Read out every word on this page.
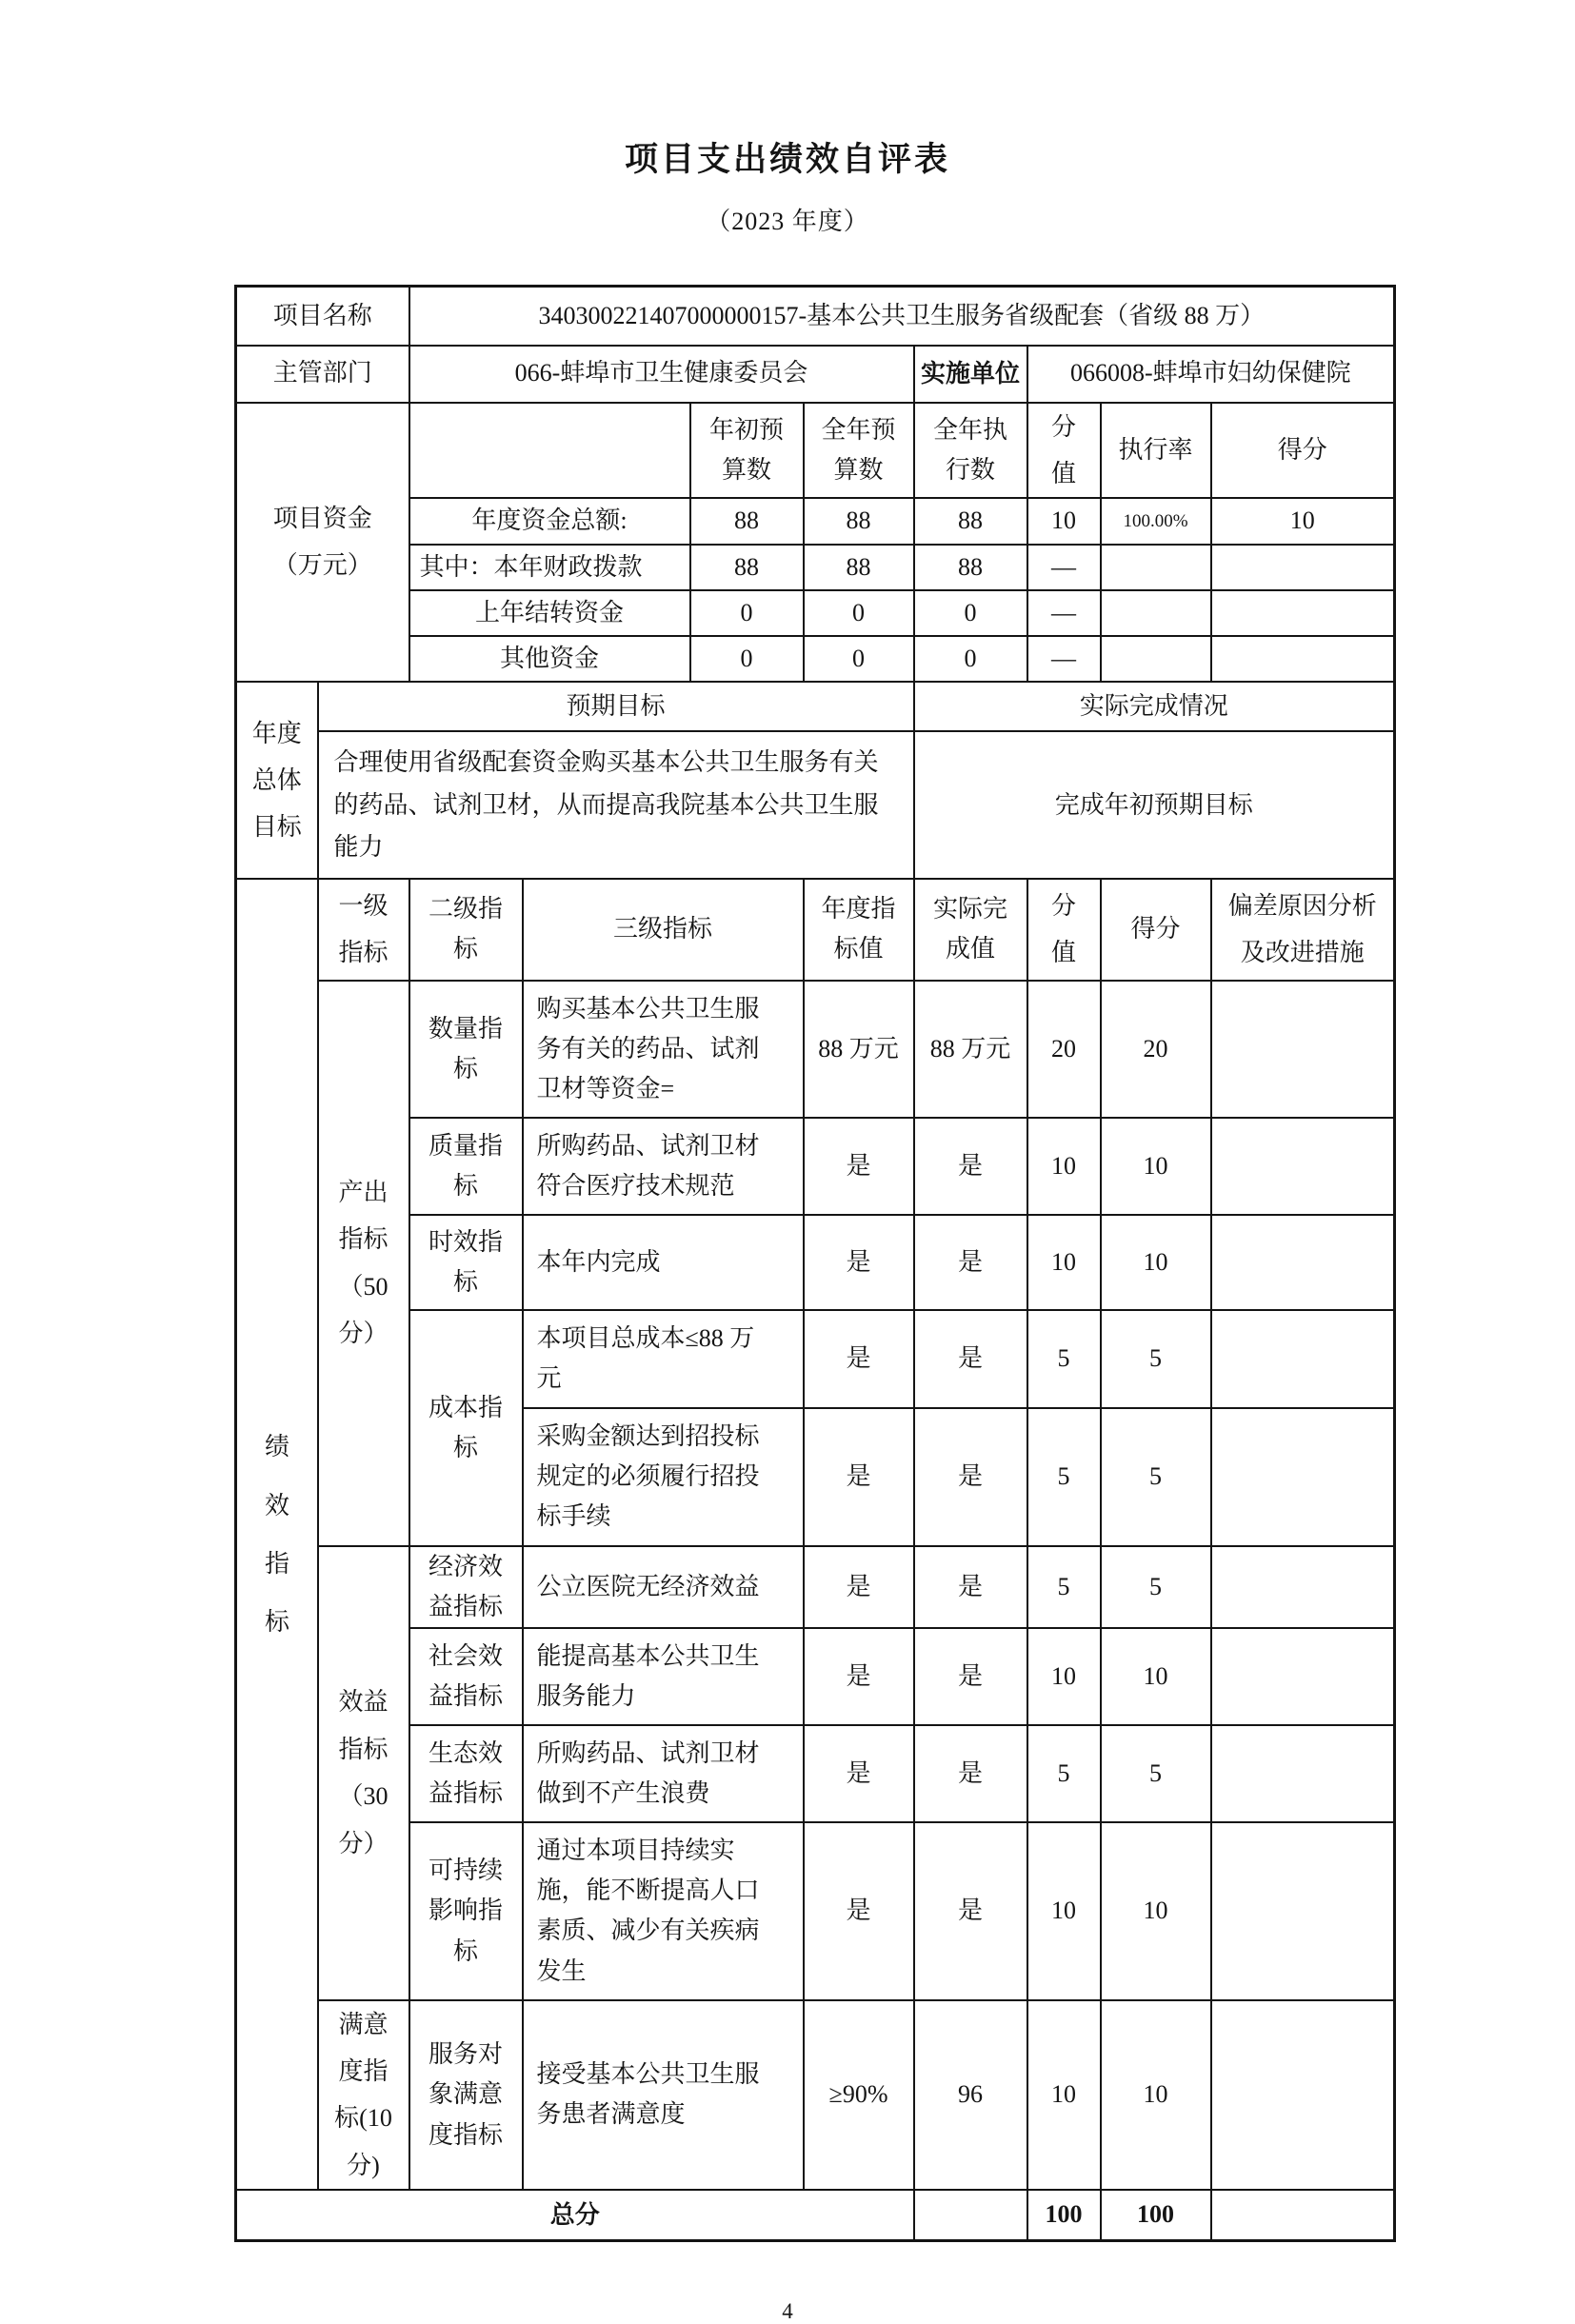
项目支出绩效自评表
（2023 年度）
项目名称		340300221407000000157-基本公共卫生服务省级配套（省级 88 万）							
主管部门		066-蚌埠市卫生健康委员会				实施单位	066008-蚌埠市妇幼保健院		

项目资金
（万元）				年初预算数	全年预算数	全年执行数	分值	执行率	得分
		年度资金总额:		88	88	88	10	100.00%	10
		其中：本年财政拨款		88	88	88	—		
		上年结转资金		0	0	0	—		
		其他资金		0	0	0	—		
年度总体目标	预期目标					实际完成情况			
	合理使用省级配套资金购买基本公共卫生服务有关的药品、试剂卫材，从而提高我院基本公共卫生服能力					完成年初预期目标			
绩效指标	一级指标	二级指标	三级指标		年度指标值	实际完成值	分值	得分	偏差原因分析及改进措施
	产出指标（50 分）	数量指标	购买基本公共卫生服务有关的药品、试剂卫材等资金=		88 万元	88 万元	20	20	
		质量指标	所购药品、试剂卫材符合医疗技术规范		是	是	10	10	
		时效指标	本年内完成		是	是	10	10	
		成本指标	本项目总成本≤88 万元		是	是	5	5	
			采购金额达到招投标规定的必须履行招投标手续		是	是	5	5	
	效益指标（30 分）	经济效益指标	公立医院无经济效益		是	是	5	5	
		社会效益指标	能提高基本公共卫生服务能力		是	是	10	10	
		生态效益指标	所购药品、试剂卫材做到不产生浪费		是	是	5	5	
		可持续影响指标	通过本项目持续实施，能不断提高人口素质、减少有关疾病发生		是	是	10	10	
	满意度指标(10 分)	服务对象满意度指标	接受基本公共卫生服务患者满意度		≥90%	96	10	10	
总分							100	100	
4
